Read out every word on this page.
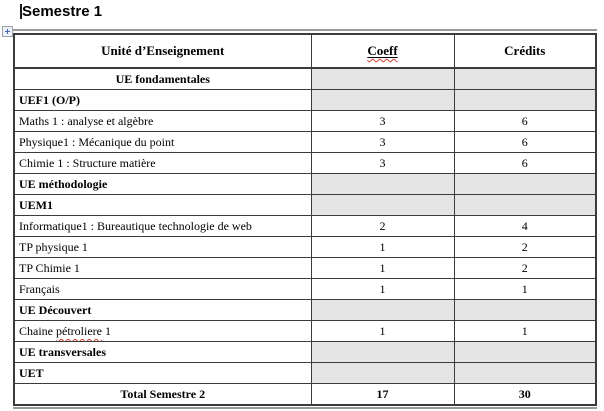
Semestre 1
Unité d’Enseignement	Coeff	Crédits
UE fondamentales		
UEF1 (O/P)		
Maths 1 : analyse et algèbre	3	6
Physique1 : Mécanique du point	3	6
Chimie 1 : Structure matière	3	6
UE méthodologie		
UEM1		
Informatique1 : Bureautique technologie de web	2	4
TP physique 1	1	2
TP Chimie 1	1	2
Français	1	1
UE Découvert		
Chaine pétroliere 1	1	1
UE transversales		
UET		
Total Semestre 2	17	30
